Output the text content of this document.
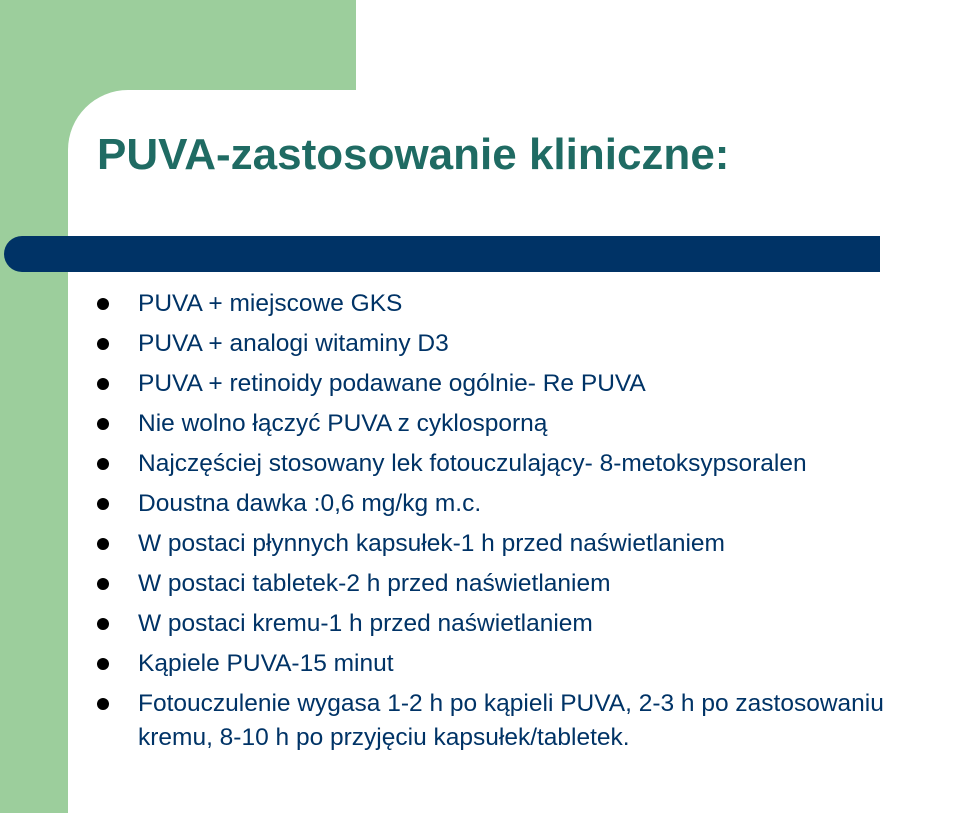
PUVA-zastosowanie kliniczne:
PUVA + miejscowe GKS
PUVA + analogi witaminy D3
PUVA + retinoidy podawane ogólnie- Re PUVA
Nie wolno łączyć PUVA z cyklosporną
Najczęściej stosowany lek fotouczulający- 8-metoksypsoralen
Doustna dawka :0,6 mg/kg m.c.
W postaci płynnych kapsułek-1 h przed naświetlaniem
W postaci tabletek-2 h przed naświetlaniem
W postaci kremu-1 h przed naświetlaniem
Kąpiele PUVA-15 minut
Fotouczulenie wygasa 1-2 h po kąpieli PUVA, 2-3 h po zastosowaniu kremu, 8-10 h po przyjęciu kapsułek/tabletek.
